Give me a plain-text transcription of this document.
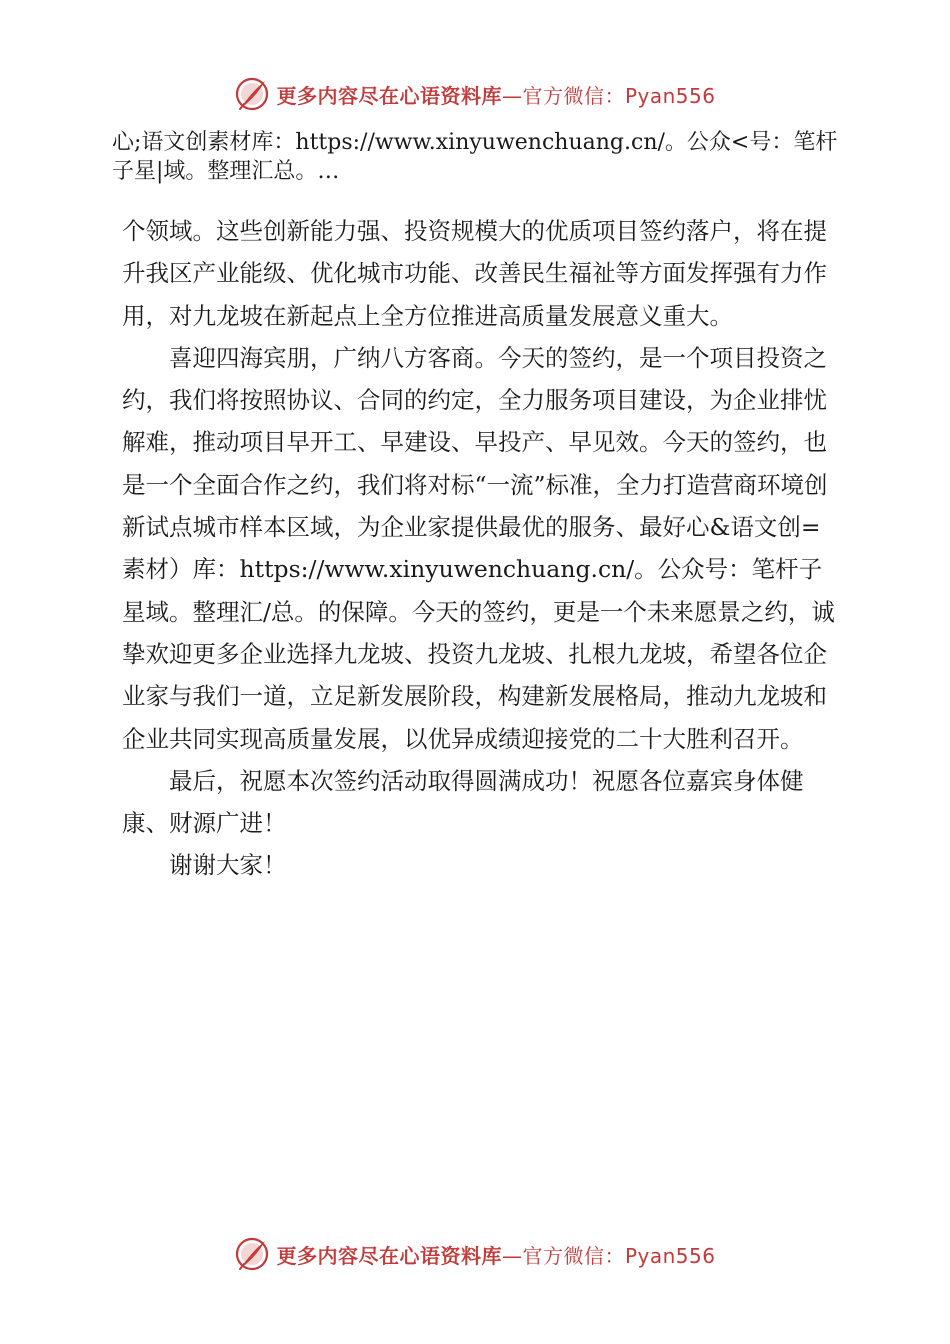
更多内容尽在心语资料库—官方微信：Pyan556
心;语文创素材库：https://www.xinyuwenchuang.cn/。公众<号：笔杆子星|域。整理汇总。…

个领域。这些创新能力强、投资规模大的优质项目签约落户，将在提升我区产业能级、优化城市功能、改善民生福祉等方面发挥强有力作用，对九龙坡在新起点上全方位推进高质量发展意义重大。

喜迎四海宾朋，广纳八方客商。今天的签约，是一个项目投资之约，我们将按照协议、合同的约定，全力服务项目建设，为企业排忧解难，推动项目早开工、早建设、早投产、早见效。今天的签约，也是一个全面合作之约，我们将对标“一流”标准，全力打造营商环境创新试点城市样本区域，为企业家提供最优的服务、最好心&语文创=素材）库：https://www.xinyuwenchuang.cn/。公众号：笔杆子星域。整理汇/总。的保障。今天的签约，更是一个未来愿景之约，诚挚欢迎更多企业选择九龙坡、投资九龙坡、扎根九龙坡，希望各位企业家与我们一道，立足新发展阶段，构建新发展格局，推动九龙坡和企业共同实现高质量发展，以优异成绩迎接党的二十大胜利召开。

最后，祝愿本次签约活动取得圆满成功！祝愿各位嘉宾身体健康、财源广进！

谢谢大家！

更多内容尽在心语资料库—官方微信：Pyan556
